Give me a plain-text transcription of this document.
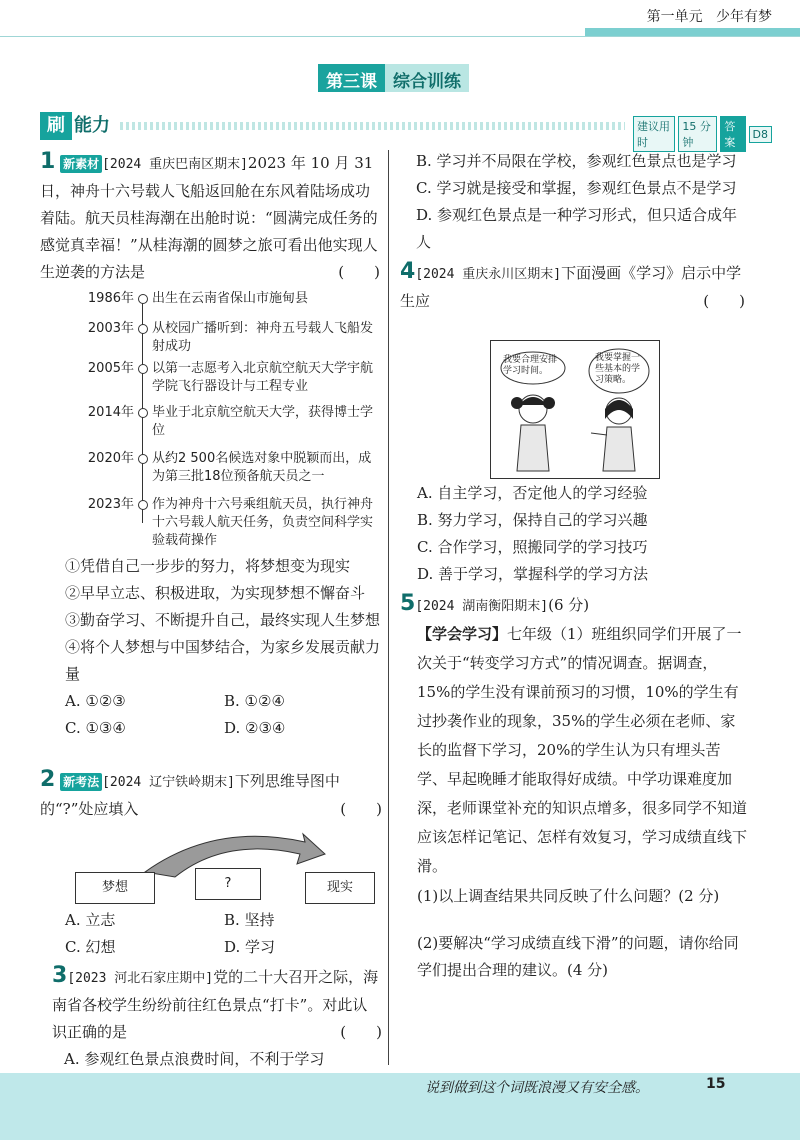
第一单元 少年有梦
第三课 综合训练
刷 能力	建议用时
15 分钟
答案
D8
1 新素材 [2024 重庆巴南区期末]2023 年 10 月 31 日，神舟十六号载人飞船返回舱在东风着陆场成功着陆。航天员桂海潮在出舱时说：“圆满完成任务的感觉真幸福！”从桂海潮的圆梦之旅可看出他实现人生逆袭的方法是	(　　)
1986年 出生在云南省保山市施甸县
2003年 从校园广播听到：神舟五号载人飞船发射成功
2005年 以第一志愿考入北京航空航天大学宇航学院飞行器设计与工程专业
2014年 毕业于北京航空航天大学，获得博士学位
2020年 从约2 500名候选对象中脱颖而出，成为第三批18位预备航天员之一
2023年 作为神舟十六号乘组航天员，执行神舟十六号载人航天任务，负责空间科学实验载荷操作

①凭借自己一步步的努力，将梦想变为现实

②早早立志、积极进取，为实现梦想不懈奋斗

③勤奋学习、不断提升自己，最终实现人生梦想

④将个人梦想与中国梦结合，为家乡发展贡献力量

A. ①②③	B. ①②④
C. ①③④	D. ②③④
2 新考法 [2024 辽宁铁岭期末]下列思维导图中的“?”处应填入	(　　)
梦想	?	现实
A. 立志	B. 坚持
C. 幻想	D. 学习
3[2023 河北石家庄期中]党的二十大召开之际，海南省各校学生纷纷前往红色景点“打卡”。对此认识正确的是	(　　)

A. 参观红色景点浪费时间，不利于学习

B. 学习并不局限在学校，参观红色景点也是学习

C. 学习就是接受和掌握，参观红色景点不是学习

D. 参观红色景点是一种学习形式，但只适合成年人

4[2024 重庆永川区期末]下面漫画《学习》启示中学生应	(　　)
我要合理安排学习时间。
我要掌握一些基本的学习策略。

A. 自主学习，否定他人的学习经验

B. 努力学习，保持自己的学习兴趣

C. 合作学习，照搬同学的学习技巧

D. 善于学习，掌握科学的学习方法

5[2024 湖南衡阳期末](6 分)

【学会学习】七年级（1）班组织同学们开展了一次关于“转变学习方式”的情况调查。据调查，15%的学生没有课前预习的习惯，10%的学生有过抄袭作业的现象，35%的学生必须在老师、家长的监督下学习，20%的学生认为只有埋头苦学、早起晚睡才能取得好成绩。中学功课难度加深，老师课堂补充的知识点增多，很多同学不知道应该怎样记笔记、怎样有效复习，学习成绩直线下滑。

(1)以上调查结果共同反映了什么问题？(2 分)

(2)要解决“学习成绩直线下滑”的问题，请你给同学们提出合理的建议。(4 分)

说到做到这个词既浪漫又有安全感。	15
